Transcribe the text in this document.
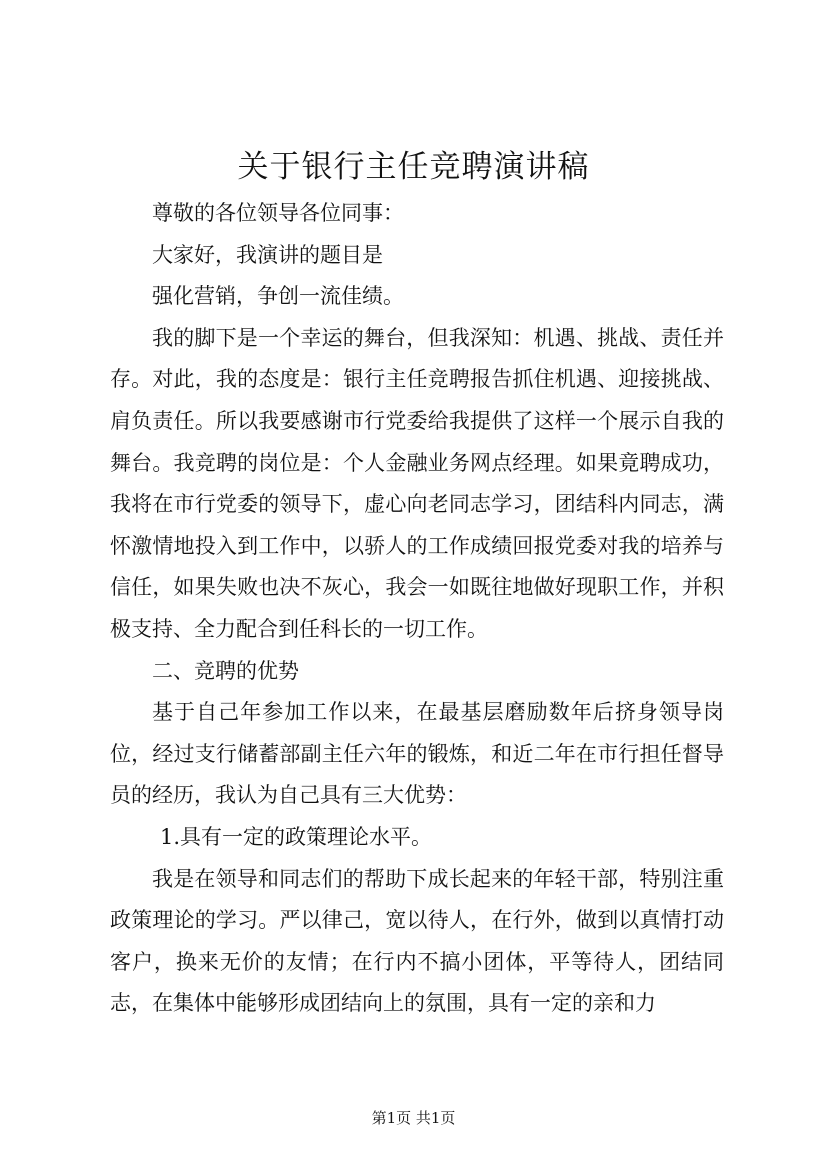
关于银行主任竞聘演讲稿

尊敬的各位领导各位同事：

大家好，我演讲的题目是

强化营销，争创一流佳绩。

我的脚下是一个幸运的舞台，但我深知：机遇、挑战、责任并存。对此，我的态度是：银行主任竞聘报告抓住机遇、迎接挑战、肩负责任。所以我要感谢市行党委给我提供了这样一个展示自我的舞台。我竞聘的岗位是：个人金融业务网点经理。如果竟聘成功，我将在市行党委的领导下，虚心向老同志学习，团结科内同志，满怀激情地投入到工作中，以骄人的工作成绩回报党委对我的培养与信任，如果失败也决不灰心，我会一如既往地做好现职工作，并积极支持、全力配合到任科长的一切工作。

二、竞聘的优势

基于自己年参加工作以来，在最基层磨励数年后挤身领导岗位，经过支行储蓄部副主任六年的锻炼，和近二年在市行担任督导员的经历，我认为自己具有三大优势：

1.具有一定的政策理论水平。

我是在领导和同志们的帮助下成长起来的年轻干部，特别注重政策理论的学习。严以律己，宽以待人，在行外，做到以真情打动客户，换来无价的友情；在行内不搞小团体，平等待人，团结同志，在集体中能够形成团结向上的氛围，具有一定的亲和力

第1页 共1页
